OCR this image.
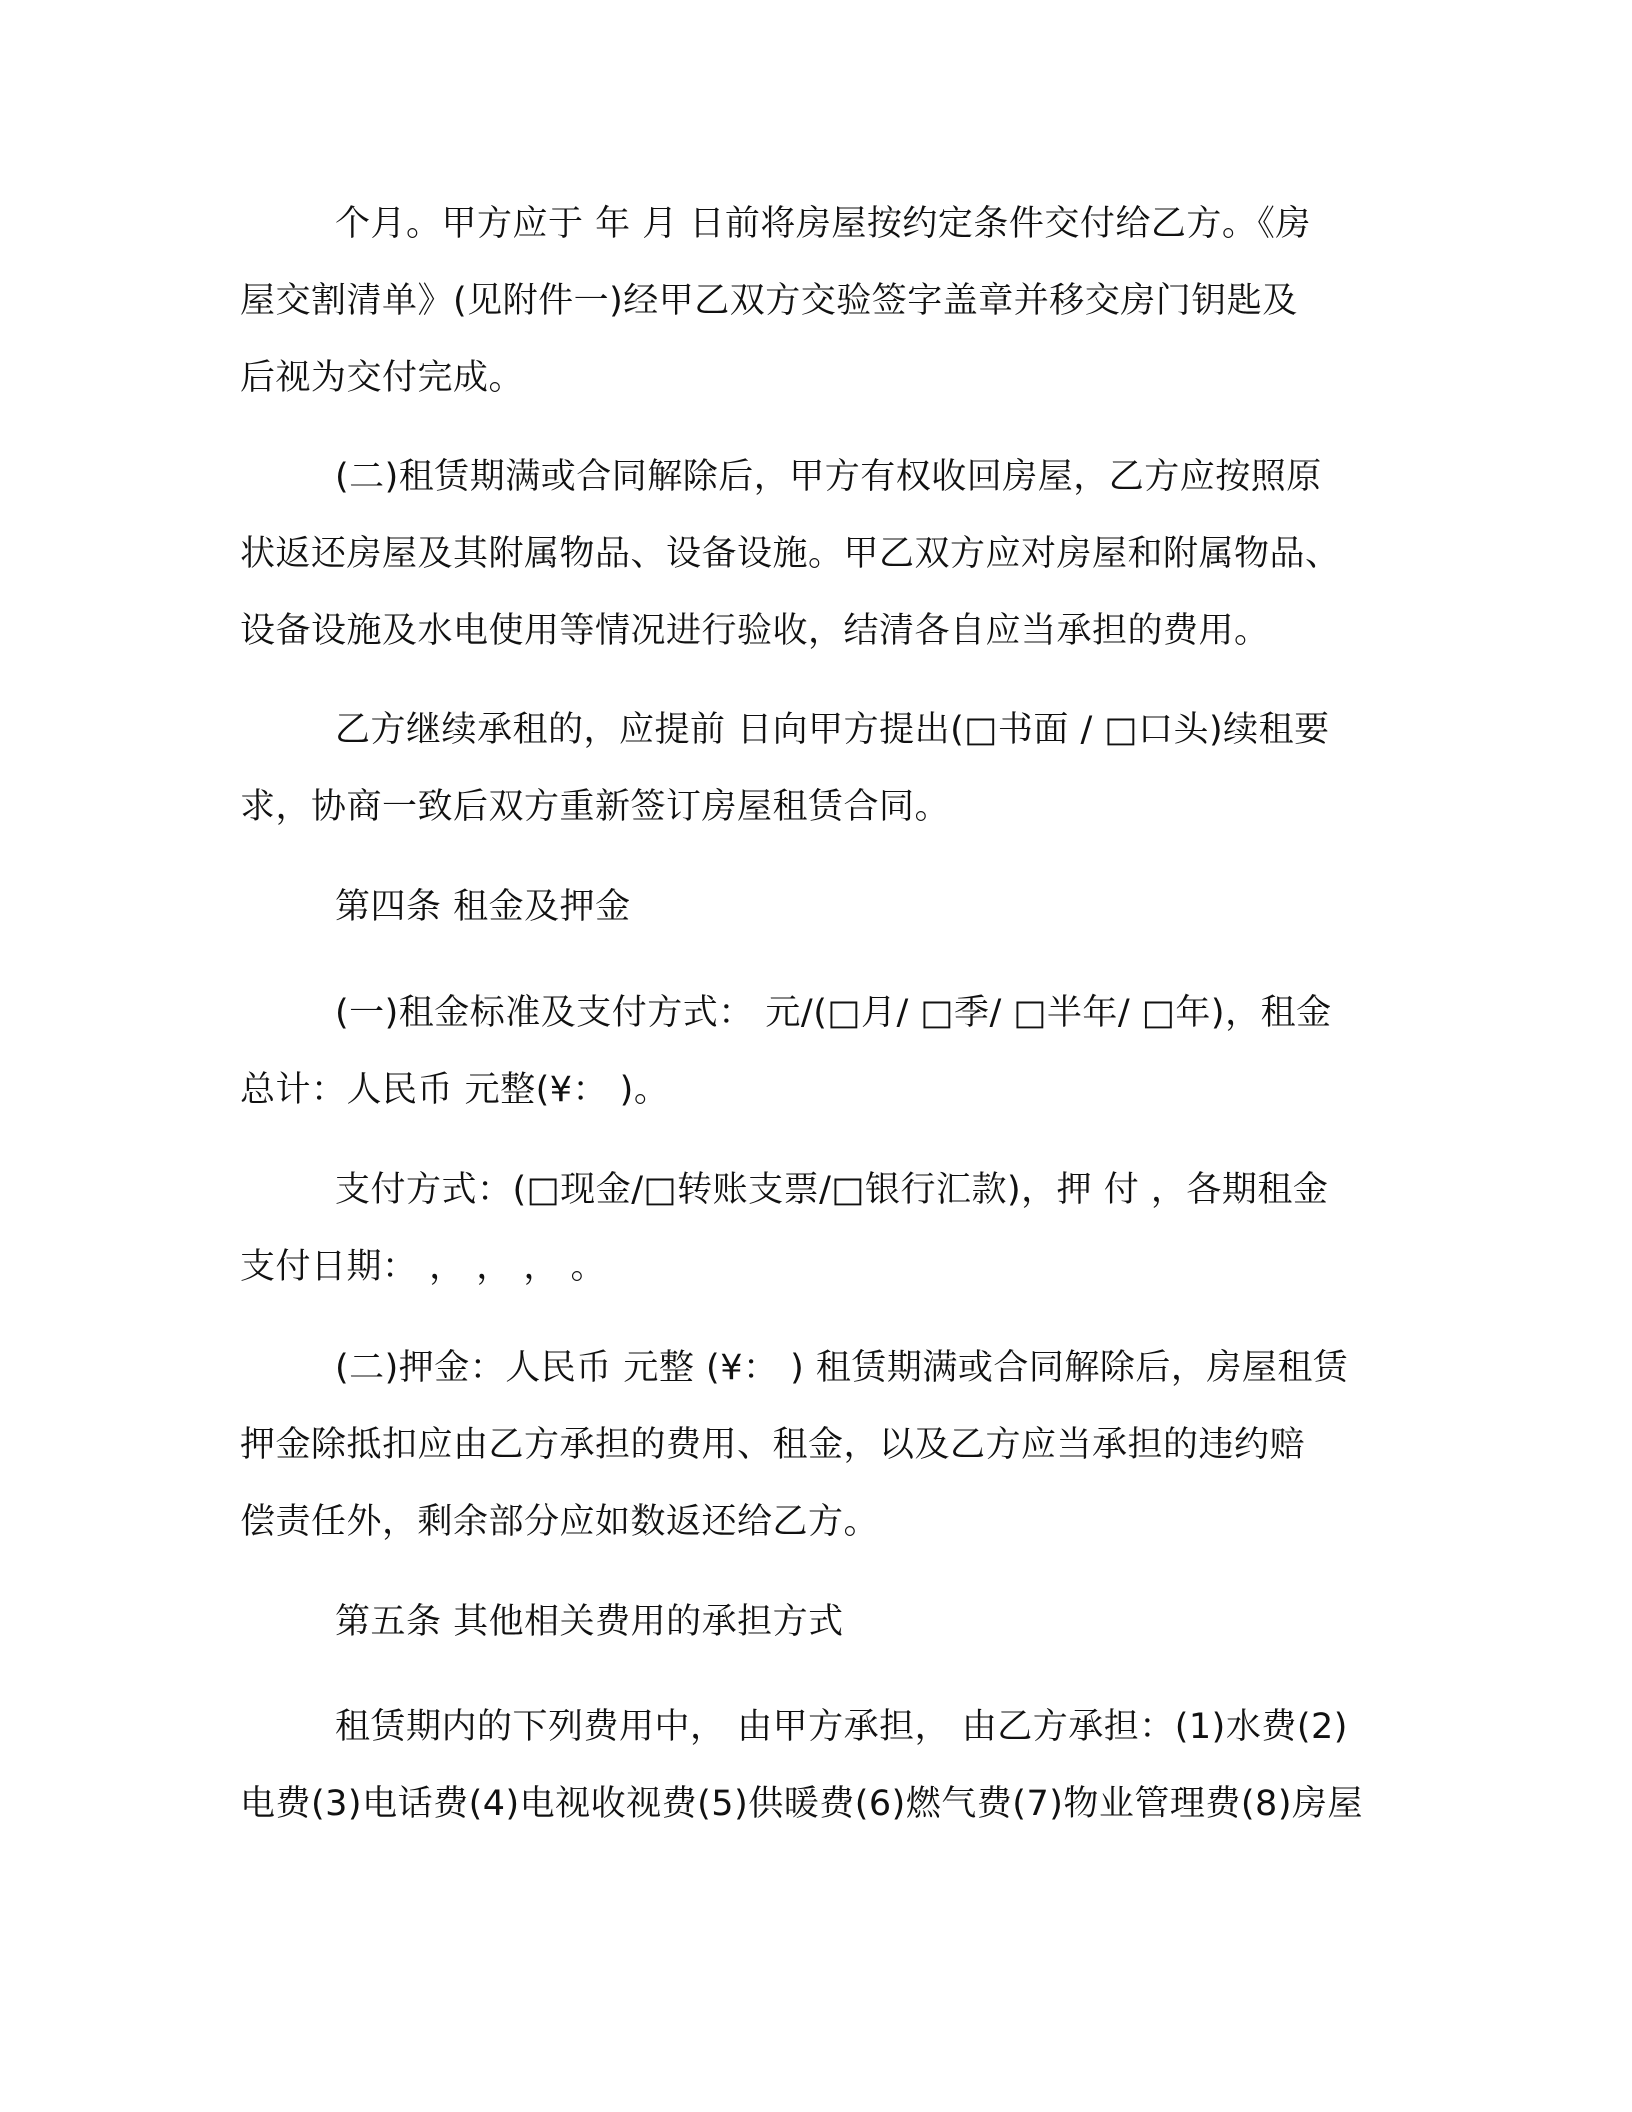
个月。甲方应于 年 月 日前将房屋按约定条件交付给乙方。《房
屋交割清单》(见附件一)经甲乙双方交验签字盖章并移交房门钥匙及
后视为交付完成。
(二)租赁期满或合同解除后，甲方有权收回房屋，乙方应按照原
状返还房屋及其附属物品、设备设施。甲乙双方应对房屋和附属物品、
设备设施及水电使用等情况进行验收，结清各自应当承担的费用。
乙方继续承租的，应提前 日向甲方提出(□书面 / □口头)续租要
求，协商一致后双方重新签订房屋租赁合同。
第四条 租金及押金
(一)租金标准及支付方式： 元/(□月/ □季/ □半年/ □年)，租金
总计：人民币 元整(¥： )。
支付方式：(□现金/□转账支票/□银行汇款)，押 付 ，各期租金
支付日期： ， ， ， 。
(二)押金：人民币 元整 (¥： ) 租赁期满或合同解除后，房屋租赁
押金除抵扣应由乙方承担的费用、租金，以及乙方应当承担的违约赔
偿责任外，剩余部分应如数返还给乙方。
第五条 其他相关费用的承担方式
租赁期内的下列费用中， 由甲方承担， 由乙方承担：(1)水费(2)
电费(3)电话费(4)电视收视费(5)供暖费(6)燃气费(7)物业管理费(8)房屋
